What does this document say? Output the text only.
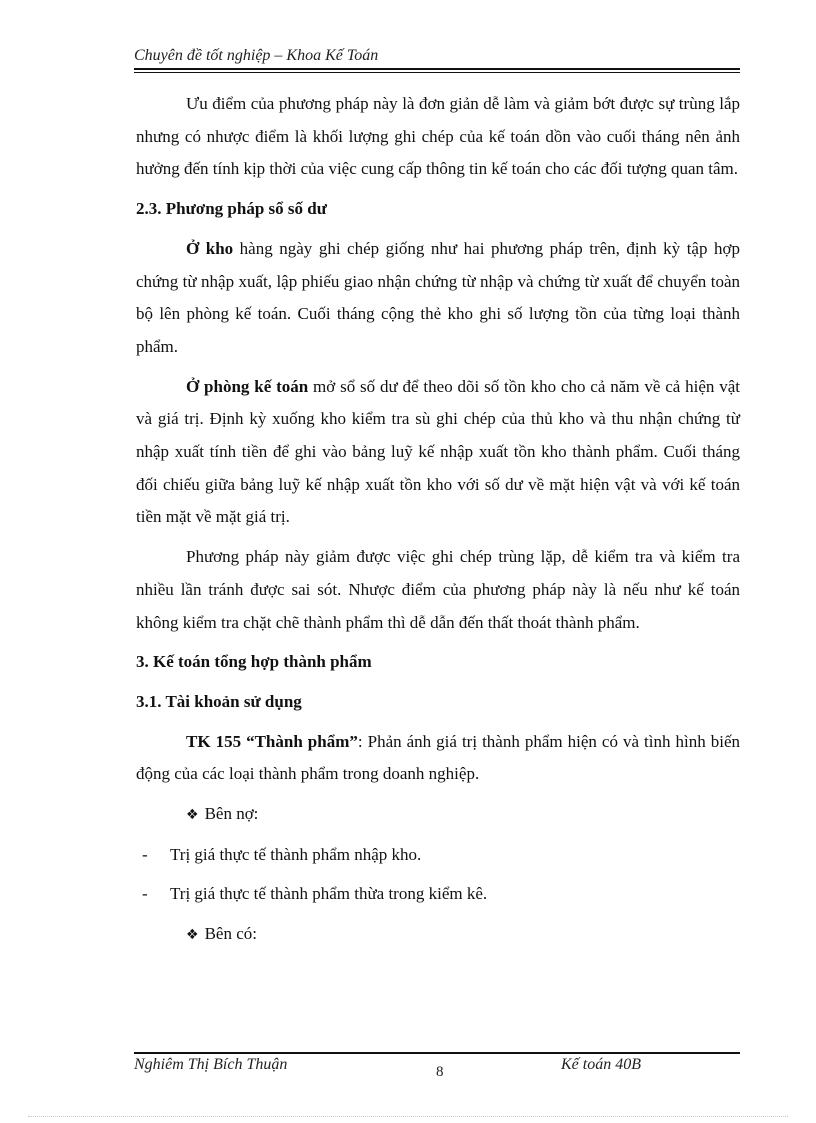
Chuyên đề tốt nghiệp – Khoa Kế Toán

Ưu điểm của phương pháp này là đơn giản dễ làm và giảm bớt được sự trùng lắp nhưng có nhược điểm là khối lượng ghi chép của kế toán dồn vào cuối tháng nên ảnh hưởng đến tính kịp thời của việc cung cấp thông tin kế toán cho các đối tượng quan tâm.

2.3. Phương pháp sổ số dư

Ở kho hàng ngày ghi chép giống như hai phương pháp trên, định kỳ tập hợp chứng từ nhập xuất, lập phiếu giao nhận chứng từ nhập và chứng từ xuất để chuyển toàn bộ lên phòng kế toán. Cuối tháng cộng thẻ kho ghi số lượng tồn của từng loại thành phẩm.

Ở phòng kế toán mở sổ số dư để theo dõi số tồn kho cho cả năm về cả hiện vật và giá trị. Định kỳ xuống kho kiểm tra sù ghi chép của thủ kho và thu nhận chứng từ nhập xuất tính tiền để ghi vào bảng luỹ kế nhập xuất tồn kho thành phẩm. Cuối tháng đối chiếu giữa bảng luỹ kế nhập xuất tồn kho với số dư về mặt hiện vật và với kế toán tiền mặt về mặt giá trị.

Phương pháp này giảm được việc ghi chép trùng lặp, dễ kiểm tra và kiểm tra nhiều lần tránh được sai sót. Nhược điểm của phương pháp này là nếu như kế toán không kiểm tra chặt chẽ thành phẩm thì dễ dẫn đến thất thoát thành phẩm.

3. Kế toán tổng hợp thành phẩm

3.1. Tài khoản sử dụng

TK 155 “Thành phẩm”: Phản ánh giá trị thành phẩm hiện có và tình hình biến động của các loại thành phẩm trong doanh nghiệp.

❖ Bên nợ:

- Trị giá thực tế thành phẩm nhập kho.

- Trị giá thực tế thành phẩm thừa trong kiểm kê.

❖ Bên có:

Nghiêm Thị Bích Thuận	8	Kế toán 40B
